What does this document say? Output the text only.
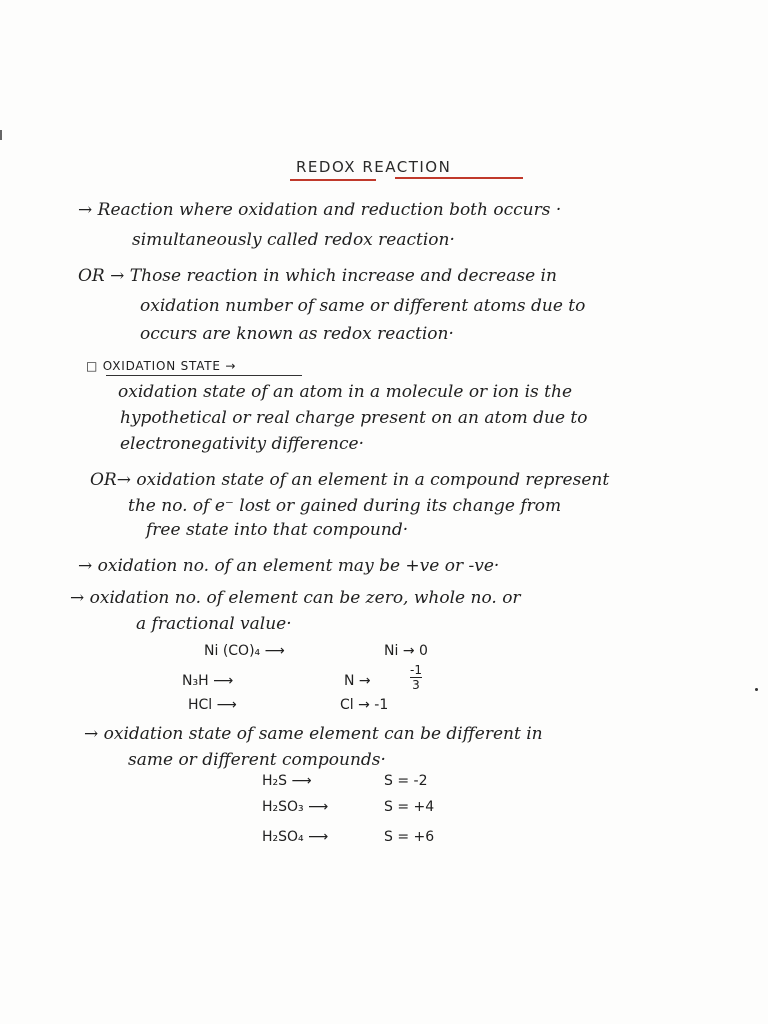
REDOX REACTION
→ Reaction where oxidation and reduction both occurs ·
simultaneously called redox reaction·
OR → Those reaction in which increase and decrease in
oxidation number of same or different atoms due to
occurs are known as redox reaction·
□ OXIDATION STATE →
oxidation state of an atom in a molecule or ion is the
hypothetical or real charge present on an atom due to
electronegativity difference·
OR→ oxidation state of an element in a compound represent
the no. of e⁻ lost or gained during its change from
free state into that compound·
→ oxidation no. of an element may be +ve or -ve·
→ oxidation no. of element can be zero, whole no. or
a fractional value·
Ni (CO)₄ ⟶	Ni → 0
N₃H ⟶	N →
-1
3
HCl ⟶	Cl → -1
→ oxidation state of same element can be different in
same or different compounds·
H₂S ⟶	S = -2
H₂SO₃ ⟶	S = +4
H₂SO₄ ⟶	S = +6
